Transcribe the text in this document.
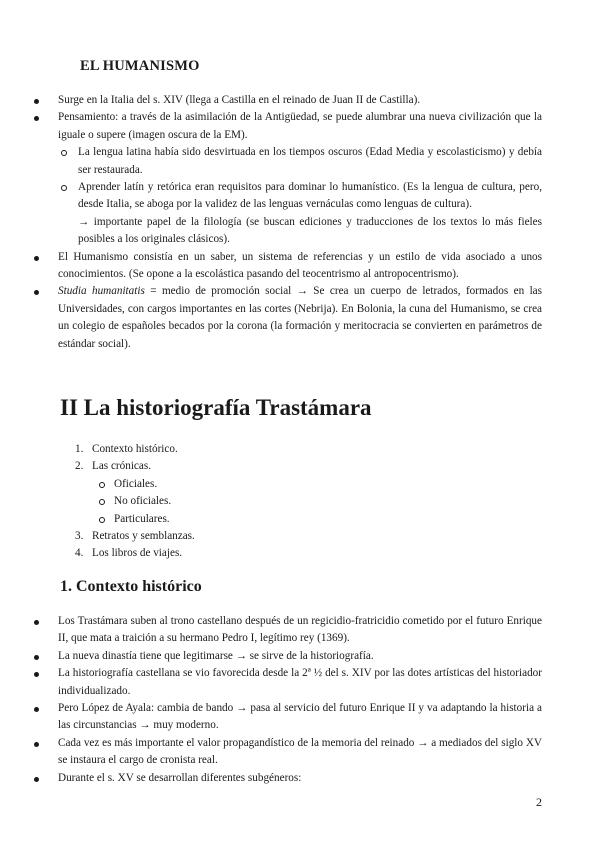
EL HUMANISMO

Surge en la Italia del s. XIV (llega a Castilla en el reinado de Juan II de Castilla).

Pensamiento: a través de la asimilación de la Antigüedad, se puede alumbrar una nueva civilización que la iguale o supere (imagen oscura de la EM).

La lengua latina había sido desvirtuada en los tiempos oscuros (Edad Media y escolasticismo) y debía ser restaurada.

Aprender latín y retórica eran requisitos para dominar lo humanístico. (Es la lengua de cultura, pero, desde Italia, se aboga por la validez de las lenguas vernáculas como lenguas de cultura).

→ importante papel de la filología (se buscan ediciones y traducciones de los textos lo más fieles posibles a los originales clásicos).

El Humanismo consistía en un saber, un sistema de referencias y un estilo de vida asociado a unos conocimientos. (Se opone a la escolástica pasando del teocentrismo al antropocentrismo).

Studia humanitatis = medio de promoción social → Se crea un cuerpo de letrados, formados en las Universidades, con cargos importantes en las cortes (Nebrija). En Bolonia, la cuna del Humanismo, se crea un colegio de españoles becados por la corona (la formación y meritocracia se convierten en parámetros de estándar social).

II La historiografía Trastámara
1. Contexto histórico.
2. Las crónicas.
Oficiales.
No oficiales.
Particulares.
3. Retratos y semblanzas.
4. Los libros de viajes.
1. Contexto histórico

Los Trastámara suben al trono castellano después de un regicidio-fratricidio cometido por el futuro Enrique II, que mata a traición a su hermano Pedro I, legítimo rey (1369).

La nueva dinastía tiene que legitimarse → se sirve de la historiografía.

La historiografía castellana se vio favorecida desde la 2ª ½ del s. XIV por las dotes artísticas del historiador individualizado.

Pero López de Ayala: cambia de bando → pasa al servicio del futuro Enrique II y va adaptando la historia a las circunstancias → muy moderno.

Cada vez es más importante el valor propagandístico de la memoria del reinado → a mediados del siglo XV se instaura el cargo de cronista real.

Durante el s. XV se desarrollan diferentes subgéneros:

2
